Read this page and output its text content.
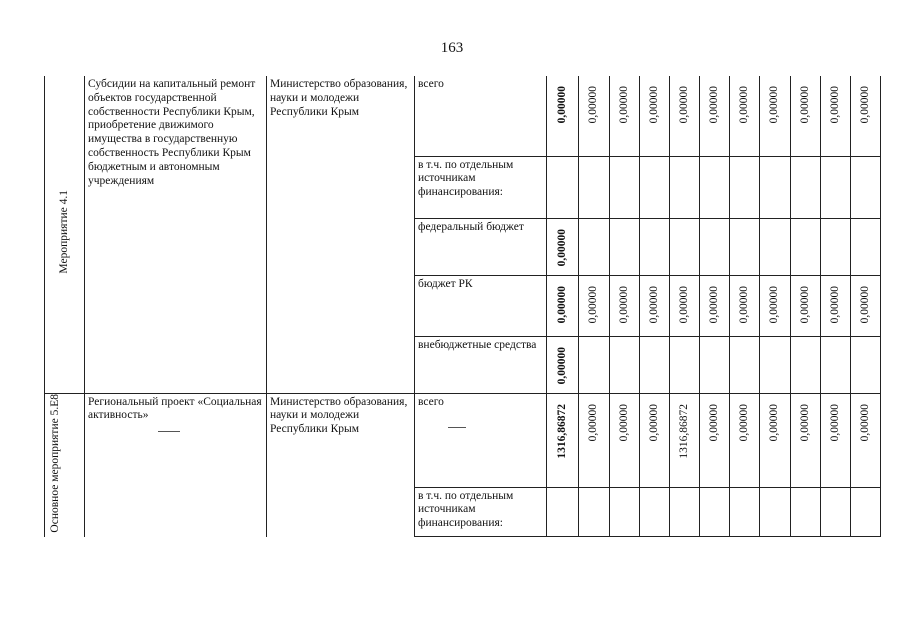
163
Мероприятие 4.1	Субсидии на капитальный ремонт объектов государственной собственности Республики Крым, приобретение движимого имущества в государственную собственность Республики Крым бюджетным и автономным учреждениям	Министерство образования, науки и молодежи Республики Крым	всего	0,00000	0,00000	0,00000	0,00000	0,00000	0,00000	0,00000	0,00000	0,00000	0,00000	0,00000
			в т.ч. по отдельным источникам финансирования:											
			федеральный бюджет	0,00000										
			бюджет РК	0,00000	0,00000	0,00000	0,00000	0,00000	0,00000	0,00000	0,00000	0,00000	0,00000	0,00000
			внебюджетные средства	0,00000										
Основное мероприятие 5.Е8	Региональный проект «Социальная активность»	Министерство образования, науки и молодежи Республики Крым	всего	1316,86872	0,00000	0,00000	0,00000	1316,86872	0,00000	0,00000	0,00000	0,00000	0,00000	0,00000
			в т.ч. по отдельным источникам финансирования:											
